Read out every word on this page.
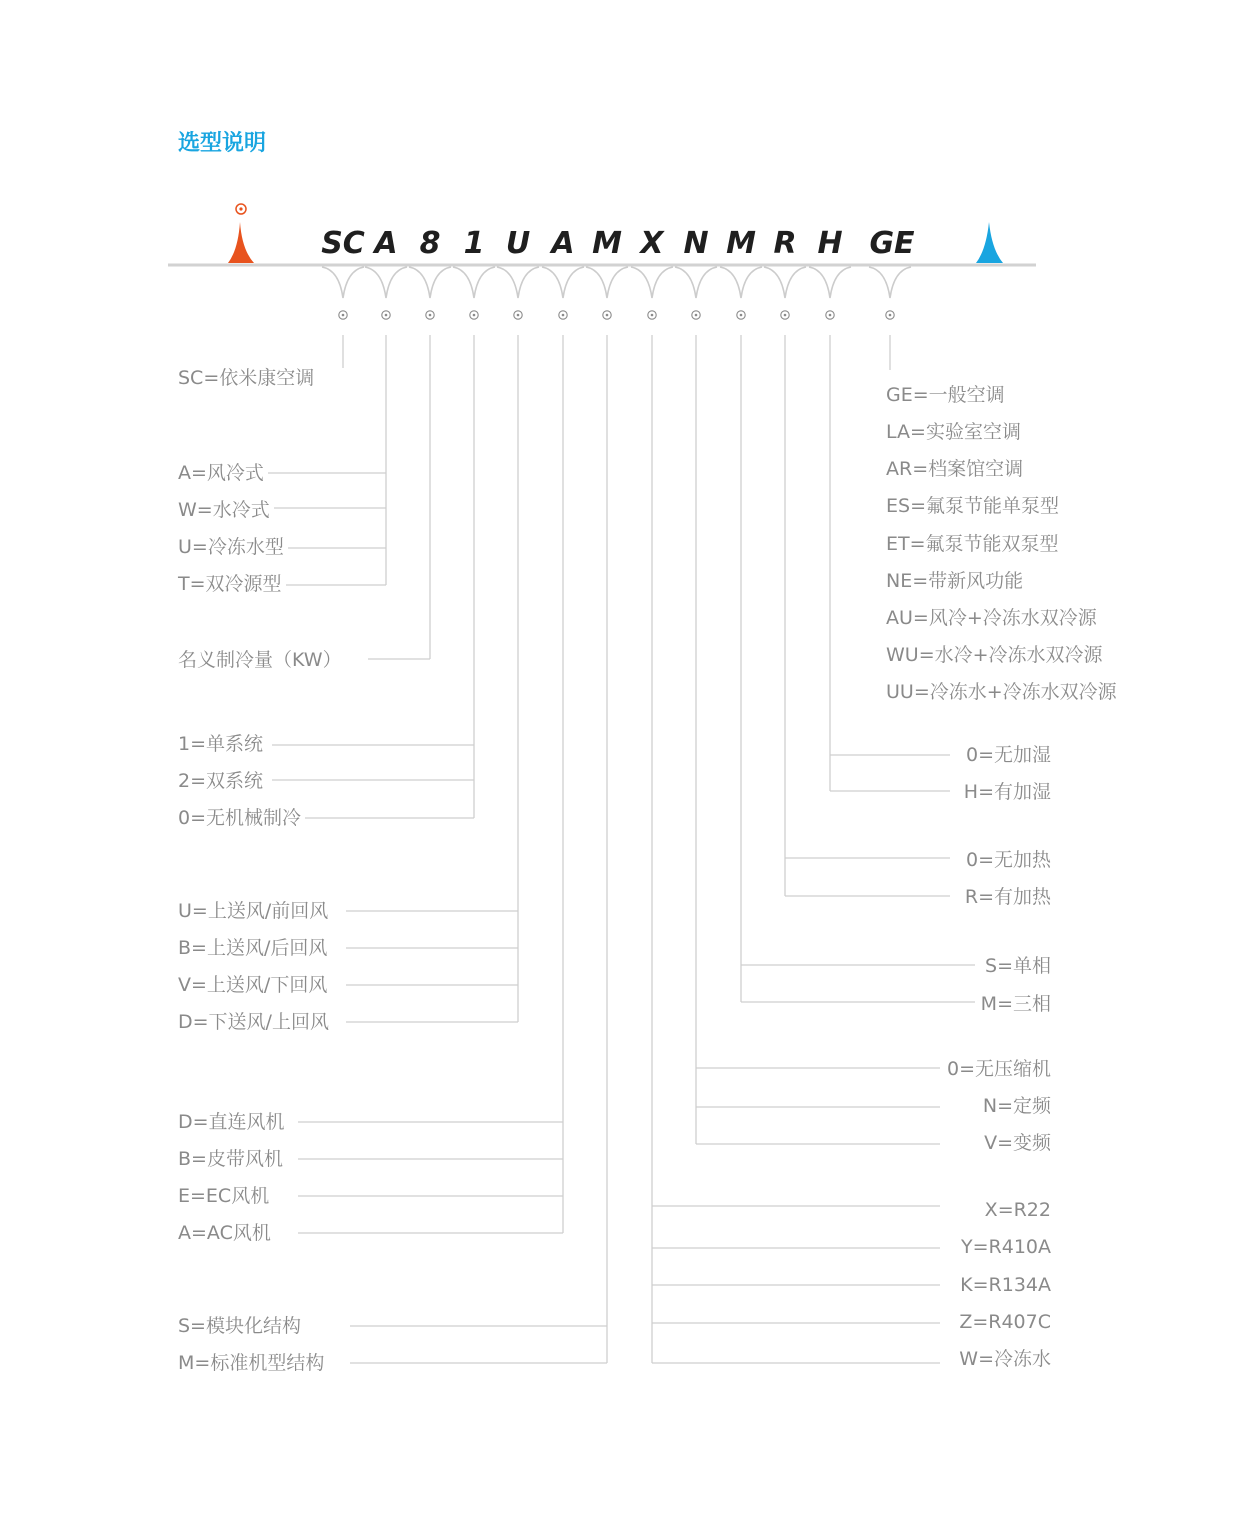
选型说明
SC A 8 1 U A M X N M R H GE
SC=依米康空调
A=风冷式
W=水冷式
U=冷冻水型
T=双冷源型
名义制冷量（KW）
1=单系统
2=双系统
0=无机械制冷
U=上送风/前回风
B=上送风/后回风
V=上送风/下回风
D=下送风/上回风
D=直连风机
B=皮带风机
E=EC风机
A=AC风机
S=模块化结构
M=标准机型结构
X=R22
Y=R410A
K=R134A
Z=R407C
W=冷冻水
0=无压缩机
N=定频
V=变频
S=单相
M=三相
0=无加热
R=有加热
0=无加湿
H=有加湿
GE=一般空调
LA=实验室空调
AR=档案馆空调
ES=氟泵节能单泵型
ET=氟泵节能双泵型
NE=带新风功能
AU=风冷+冷冻水双冷源
WU=水冷+冷冻水双冷源
UU=冷冻水+冷冻水双冷源
